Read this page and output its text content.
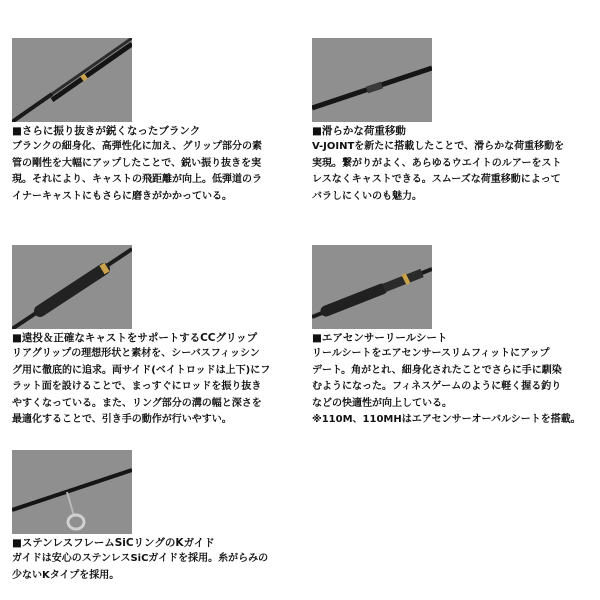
■さらに振り抜きが鋭くなったブランク

ブランクの細身化、高弾性化に加え、グリップ部分の素

管の剛性を大幅にアップしたことで、鋭い振り抜きを実

現。それにより、キャストの飛距離が向上。低弾道のラ

イナーキャストにもさらに磨きがかかっている。

■滑らかな荷重移動

V-JOINTを新たに搭載したことで、滑らかな荷重移動を

実現。繋がりがよく、あらゆるウエイトのルアーをスト

レスなくキャストできる。スムーズな荷重移動によって

バラしにくいのも魅力。

■遠投＆正確なキャストをサポートするCCグリップ

リアグリップの理想形状と素材を、シーバスフィッシン

グ用に徹底的に追求。両サイド(ベイトロッドは上下)にフ

ラット面を設けることで、まっすぐにロッドを振り抜き

やすくなっている。また、リング部分の溝の幅と深さを

最適化することで、引き手の動作が行いやすい。

■エアセンサーリールシート

リールシートをエアセンサースリムフィットにアップ

デート。角がとれ、細身化されたことでさらに手に馴染

むようになった。フィネスゲームのように軽く握る釣り

などの快適性が向上している。

※110M、110MHはエアセンサーオーバルシートを搭載。

■ステンレスフレームSiCリングのKガイド

ガイドは安心のステンレスSiCガイドを採用。糸がらみの

少ないKタイプを採用。
